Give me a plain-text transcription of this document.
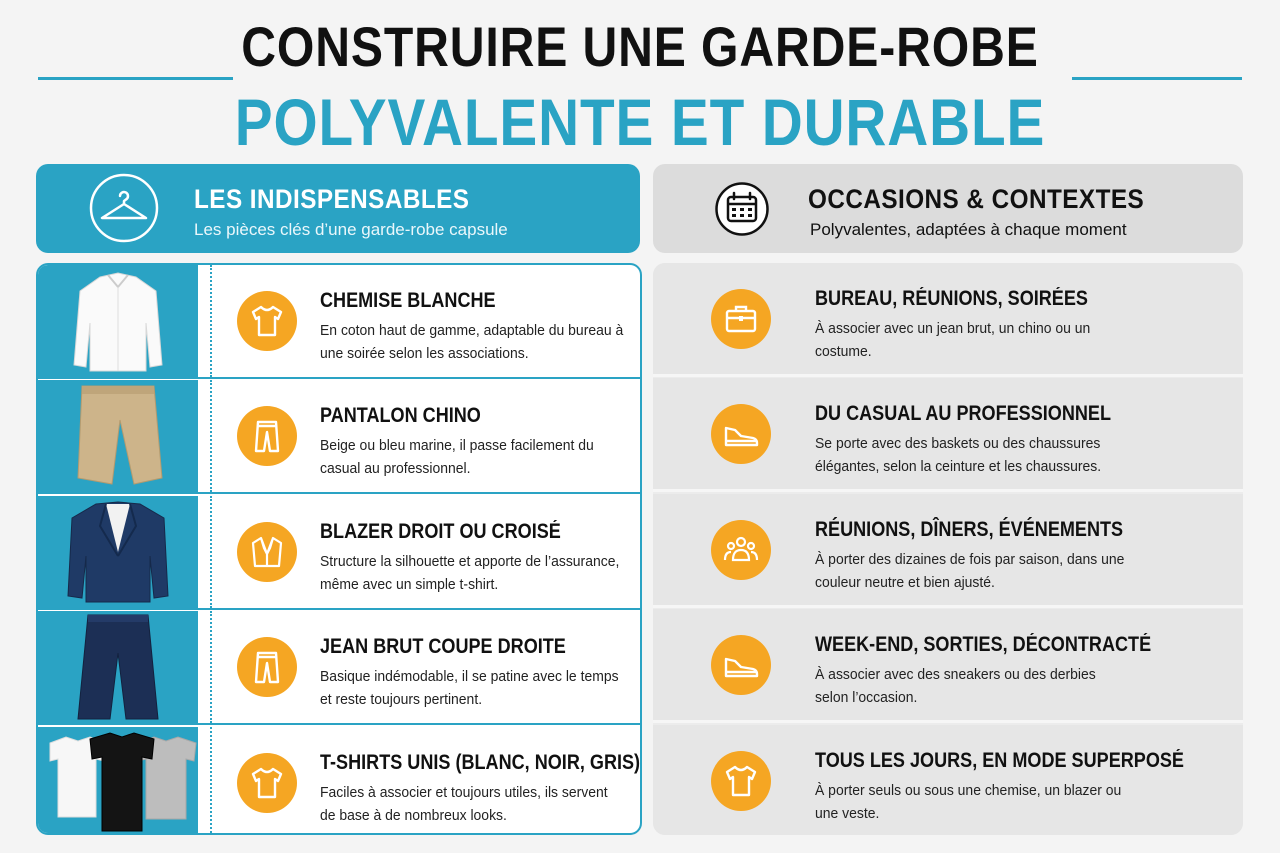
CONSTRUIRE UNE GARDE-ROBE
POLYVALENTE ET DURABLE
LES INDISPENSABLES
Les pièces clés d’une garde-robe capsule
OCCASIONS & CONTEXTES
Polyvalentes, adaptées à chaque moment
CHEMISE BLANCHE
En coton haut de gamme, adaptable du bureau à une soirée selon les associations.
PANTALON CHINO
Beige ou bleu marine, il passe facilement du casual au professionnel.
BLAZER DROIT OU CROISÉ
Structure la silhouette et apporte de l’assurance, même avec un simple t-shirt.
JEAN BRUT COUPE DROITE
Basique indémodable, il se patine avec le temps et reste toujours pertinent.
T-SHIRTS UNIS (BLANC, NOIR, GRIS)
Faciles à associer et toujours utiles, ils servent de base à de nombreux looks.
BUREAU, RÉUNIONS, SOIRÉES
À associer avec un jean brut, un chino ou un costume.
DU CASUAL AU PROFESSIONNEL
Se porte avec des baskets ou des chaussures élégantes, selon la ceinture et les chaussures.
RÉUNIONS, DÎNERS, ÉVÉNEMENTS
À porter des dizaines de fois par saison, dans une couleur neutre et bien ajusté.
WEEK-END, SORTIES, DÉCONTRACTÉ
À associer avec des sneakers ou des derbies selon l’occasion.
TOUS LES JOURS, EN MODE SUPERPOSÉ
À porter seuls ou sous une chemise, un blazer ou une veste.
